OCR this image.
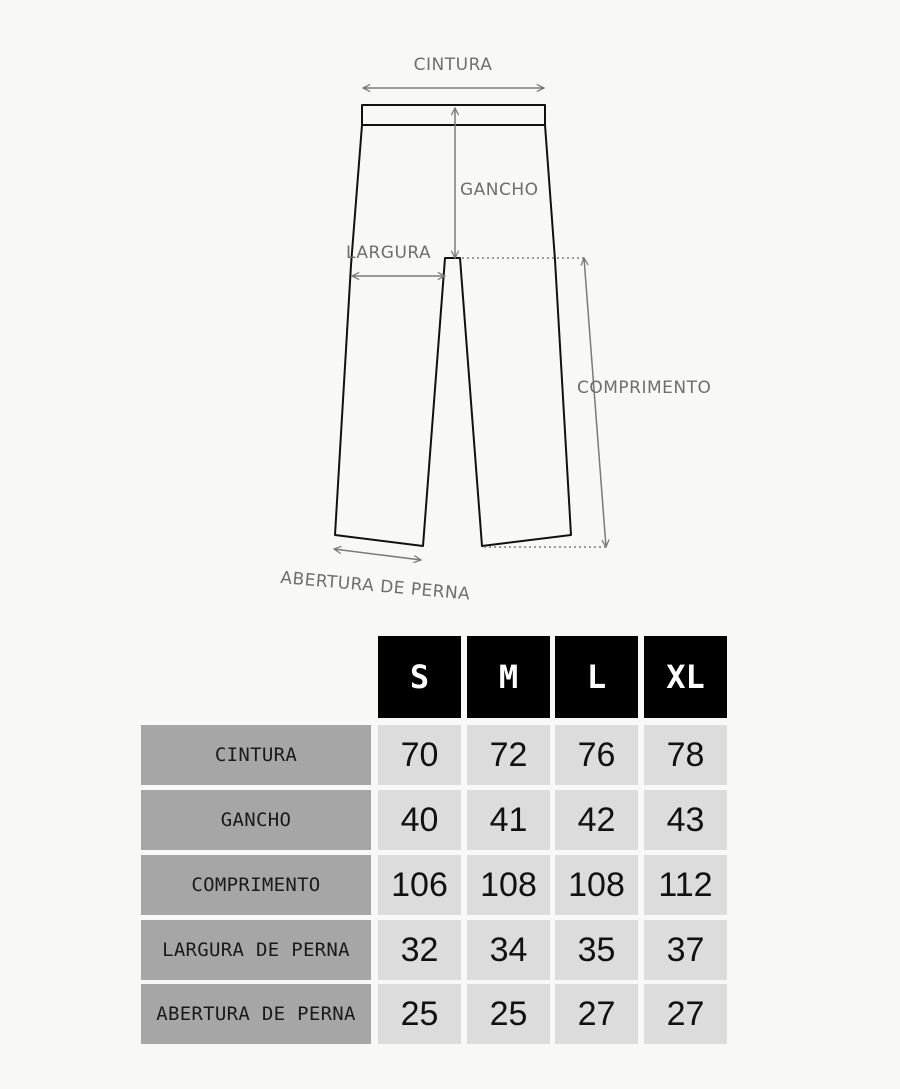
CINTURA
GANCHO
LARGURA
COMPRIMENTO
ABERTURA DE PERNA
S	M	L	XL
CINTURA	70	72	76	78
GANCHO	40	41	42	43
COMPRIMENTO	106 108 108 112
LARGURA DE PERNA	32	34	35	37
ABERTURA DE PERNA	25	25	27	27
